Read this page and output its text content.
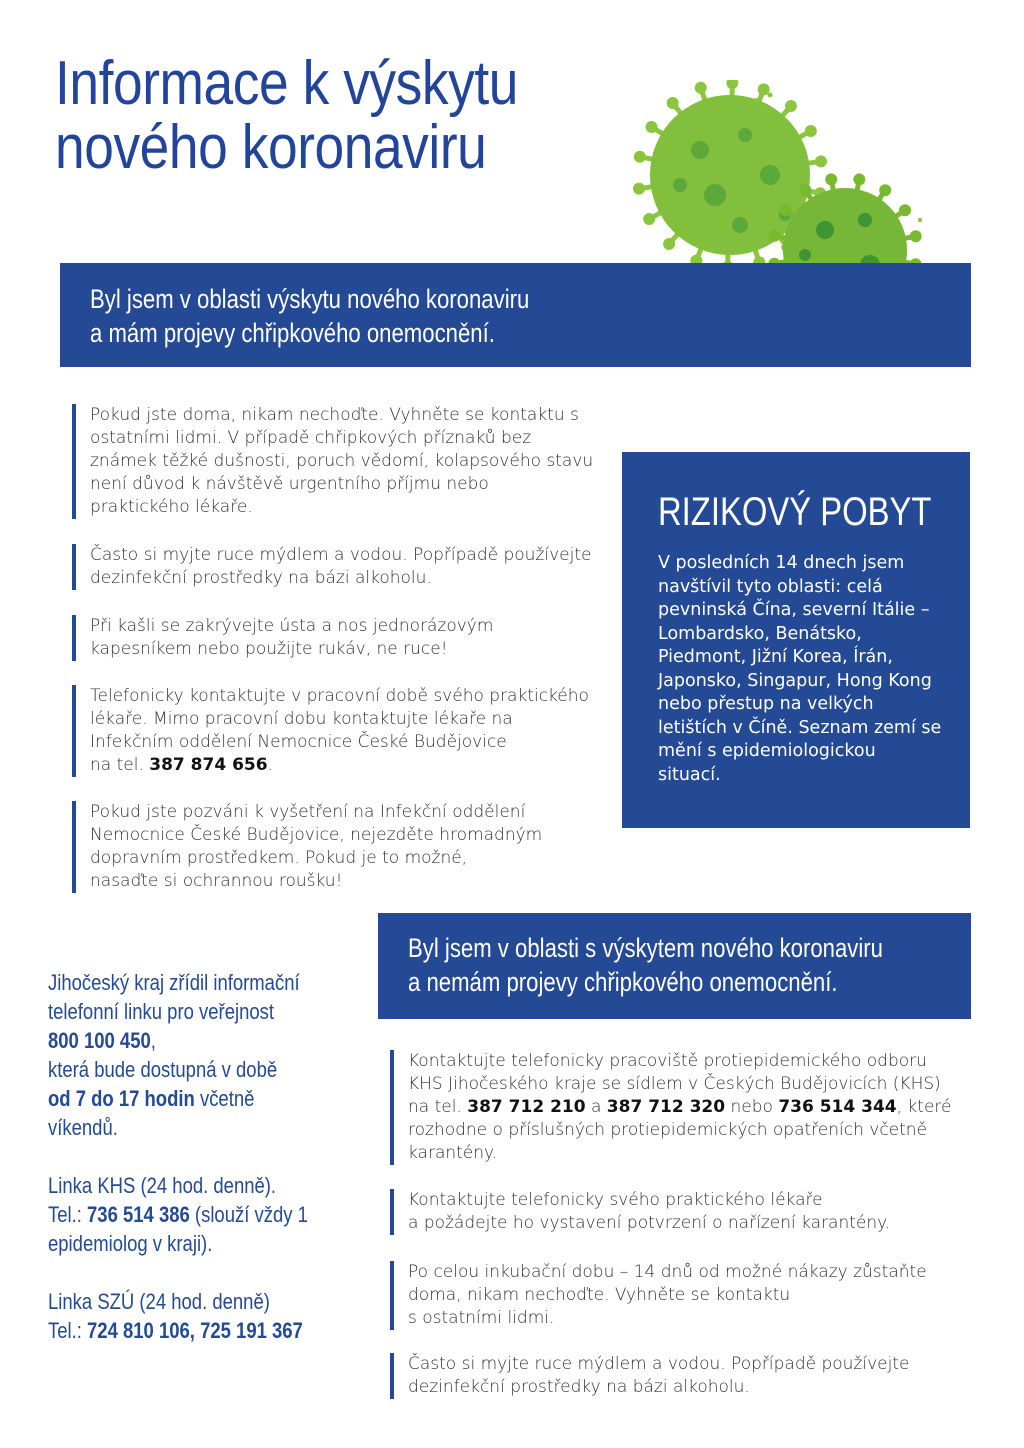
Informace k výskytu
nového koronaviru
Byl jsem v oblasti výskytu nového koronaviru
a mám projevy chřipkového onemocnění.
Pokud jste doma, nikam nechoďte. Vyhněte se kontaktu s
ostatními lidmi. V případě chřipkových příznaků bez
známek těžké dušnosti, poruch vědomí, kolapsového stavu
není důvod k návštěvě urgentního příjmu nebo
praktického lékaře.
Často si myjte ruce mýdlem a vodou. Popřípadě používejte
dezinfekční prostředky na bázi alkoholu.
Při kašli se zakrývejte ústa a nos jednorázovým
kapesníkem nebo použijte rukáv, ne ruce!
Telefonicky kontaktujte v pracovní době svého praktického
lékaře. Mimo pracovní dobu kontaktujte lékaře na
Infekčním oddělení Nemocnice České Budějovice
na tel. 387 874 656.
Pokud jste pozváni k vyšetření na Infekční oddělení
Nemocnice České Budějovice, nejezděte hromadným
dopravním prostředkem. Pokud je to možné,
nasaďte si ochrannou roušku!
RIZIKOVÝ POBYT
V posledních 14 dnech jsem
navštívil tyto oblasti: celá
pevninská Čína, severní Itálie –
Lombardsko, Benátsko,
Piedmont, Jižní Korea, Írán,
Japonsko, Singapur, Hong Kong
nebo přestup na velkých
letištích v Číně. Seznam zemí se
mění s epidemiologickou
situací.
Byl jsem v oblasti s výskytem nového koronaviru
a nemám projevy chřipkového onemocnění.
Jihočeský kraj zřídil informační
telefonní linku pro veřejnost
800 100 450,
která bude dostupná v době
od 7 do 17 hodin včetně
víkendů.
Linka KHS (24 hod. denně).
Tel.: 736 514 386 (slouží vždy 1
epidemiolog v kraji).
Linka SZÚ (24 hod. denně)
Tel.: 724 810 106, 725 191 367
Kontaktujte telefonicky pracoviště protiepidemického odboru
KHS Jihočeského kraje se sídlem v Českých Budějovicích (KHS)
na tel. 387 712 210 a 387 712 320 nebo 736 514 344, které
rozhodne o příslušných protiepidemických opatřeních včetně
karantény.
Kontaktujte telefonicky svého praktického lékaře
a požádejte ho vystavení potvrzení o nařízení karantény.
Po celou inkubační dobu – 14 dnů od možné nákazy zůstaňte
doma, nikam nechoďte. Vyhněte se kontaktu
s ostatními lidmi.
Často si myjte ruce mýdlem a vodou. Popřípadě používejte
dezinfekční prostředky na bázi alkoholu.
